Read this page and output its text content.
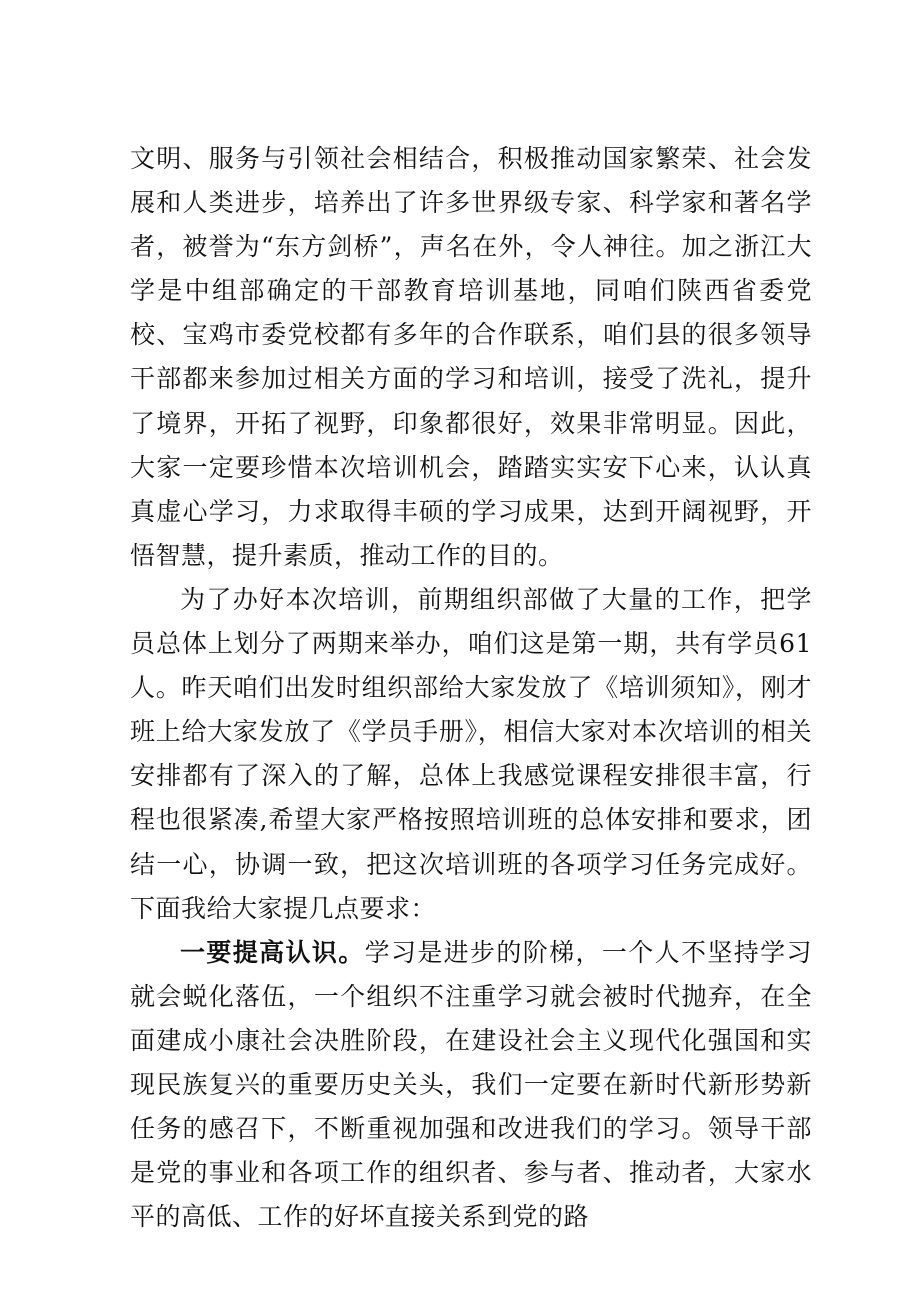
文明、服务与引领社会相结合，积极推动国家繁荣、社会发展和人类进步，培养出了许多世界级专家、科学家和著名学者，被誉为“东方剑桥”，声名在外，令人神往。加之浙江大学是中组部确定的干部教育培训基地，同咱们陕西省委党校、宝鸡市委党校都有多年的合作联系，咱们县的很多领导干部都来参加过相关方面的学习和培训，接受了洗礼，提升了境界，开拓了视野，印象都很好，效果非常明显。因此，大家一定要珍惜本次培训机会，踏踏实实安下心来，认认真真虚心学习，力求取得丰硕的学习成果，达到开阔视野，开悟智慧，提升素质，推动工作的目的。

为了办好本次培训，前期组织部做了大量的工作，把学员总体上划分了两期来举办，咱们这是第一期，共有学员61人。昨天咱们出发时组织部给大家发放了《培训须知》，刚才班上给大家发放了《学员手册》，相信大家对本次培训的相关安排都有了深入的了解，总体上我感觉课程安排很丰富，行程也很紧凑,希望大家严格按照培训班的总体安排和要求，团结一心，协调一致，把这次培训班的各项学习任务完成好。下面我给大家提几点要求：

一要提高认识。学习是进步的阶梯，一个人不坚持学习就会蜕化落伍，一个组织不注重学习就会被时代抛弃，在全面建成小康社会决胜阶段，在建设社会主义现代化强国和实现民族复兴的重要历史关头，我们一定要在新时代新形势新任务的感召下，不断重视加强和改进我们的学习。领导干部是党的事业和各项工作的组织者、参与者、推动者，大家水平的高低、工作的好坏直接关系到党的路
